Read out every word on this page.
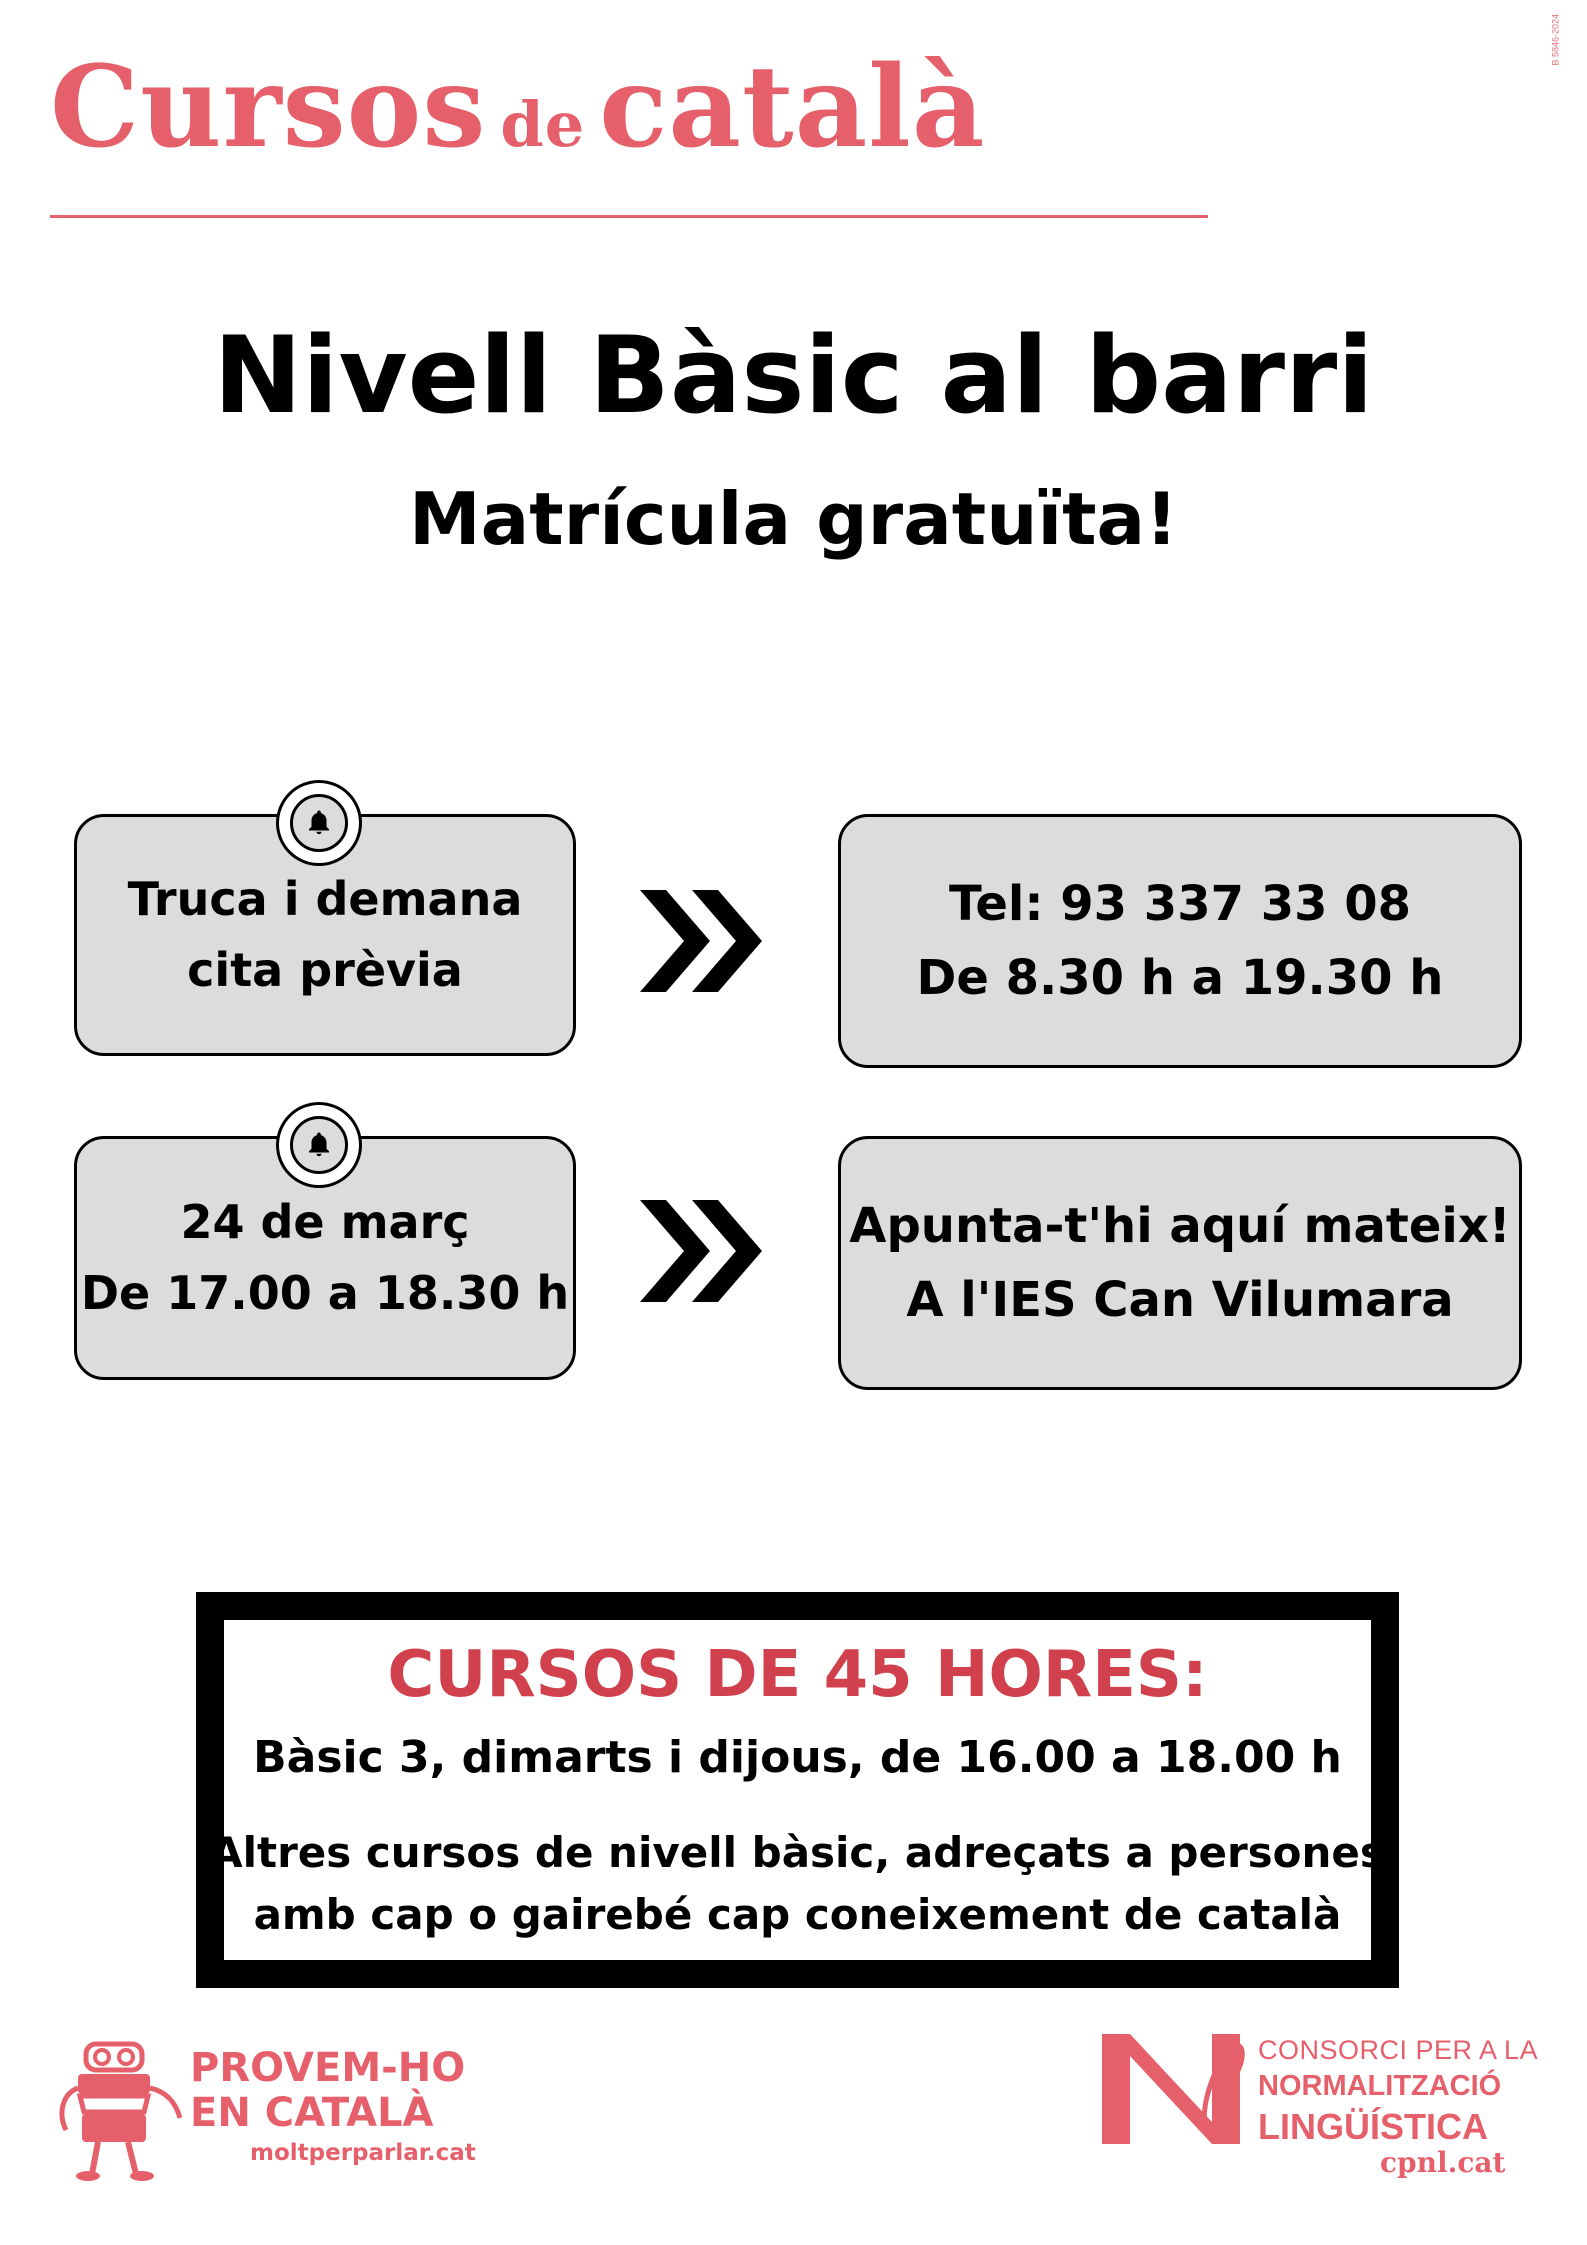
B 5846-2024
Cursos de català
Nivell Bàsic al barri
Matrícula gratuïta!
Truca i demana
cita prèvia
Tel: 93 337 33 08
De 8.30 h a 19.30 h
24 de març
De 17.00 a 18.30 h
Apunta-t'hi aquí mateix!
A l'IES Can Vilumara
CURSOS DE 45 HORES:
Bàsic 3, dimarts i dijous, de 16.00 a 18.00 h
Altres cursos de nivell bàsic, adreçats a persones
amb cap o gairebé cap coneixement de català
PROVEM-HO
EN CATALÀ
moltperparlar.cat
CONSORCI PER A LA
NORMALITZACIÓ
LINGÜÍSTICA
cpnl.cat
